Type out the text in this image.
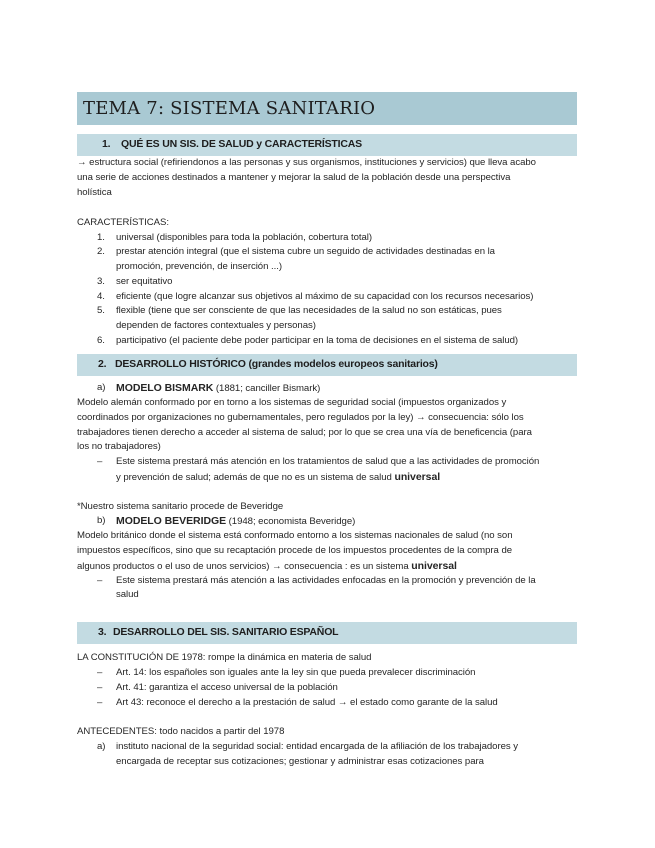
TEMA 7: SISTEMA SANITARIO
1. QUÉ ES UN SIS. DE SALUD y CARACTERÍSTICAS
→ estructura social (refiriendonos a las personas y sus organismos, instituciones y servicios) que lleva acabo
una serie de acciones destinados a mantener y mejorar la salud de la población desde una perspectiva
holística
CARACTERÍSTICAS:
1. universal (disponibles para toda la población, cobertura total)
2. prestar atención integral (que el sistema cubre un seguido de actividades destinadas en la
promoción, prevención, de inserción ...)
3. ser equitativo
4. eficiente (que logre alcanzar sus objetivos al máximo de su capacidad con los recursos necesarios)
5. flexible (tiene que ser consciente de que las necesidades de la salud no son estáticas, pues
dependen de factores contextuales y personas)
6. participativo (el paciente debe poder participar en la toma de decisiones en el sistema de salud)
2. DESARROLLO HISTÓRICO (grandes modelos europeos sanitarios)
a) MODELO BISMARK (1881; canciller Bismark)
Modelo alemán conformado por en torno a los sistemas de seguridad social (impuestos organizados y
coordinados por organizaciones no gubernamentales, pero regulados por la ley) → consecuencia: sólo los
trabajadores tienen derecho a acceder al sistema de salud; por lo que se crea una vía de beneficencia (para
los no trabajadores)
– Este sistema prestará más atención en los tratamientos de salud que a las actividades de promoción
y prevención de salud; además de que no es un sistema de salud universal
*Nuestro sistema sanitario procede de Beveridge
b) MODELO BEVERIDGE (1948; economista Beveridge)
Modelo británico donde el sistema está conformado entorno a los sistemas nacionales de salud (no son
impuestos específicos, sino que su recaptación procede de los impuestos procedentes de la compra de
algunos productos o el uso de unos servicios) → consecuencia : es un sistema universal
– Este sistema prestará más atención a las actividades enfocadas en la promoción y prevención de la
salud
3. DESARROLLO DEL SIS. SANITARIO ESPAÑOL
LA CONSTITUCIÓN DE 1978: rompe la dinámica en materia de salud
– Art. 14: los españoles son iguales ante la ley sin que pueda prevalecer discriminación
– Art. 41: garantiza el acceso universal de la población
– Art 43: reconoce el derecho a la prestación de salud → el estado como garante de la salud
ANTECEDENTES: todo nacidos a partir del 1978
a) instituto nacional de la seguridad social: entidad encargada de la afiliación de los trabajadores y
encargada de receptar sus cotizaciones; gestionar y administrar esas cotizaciones para
